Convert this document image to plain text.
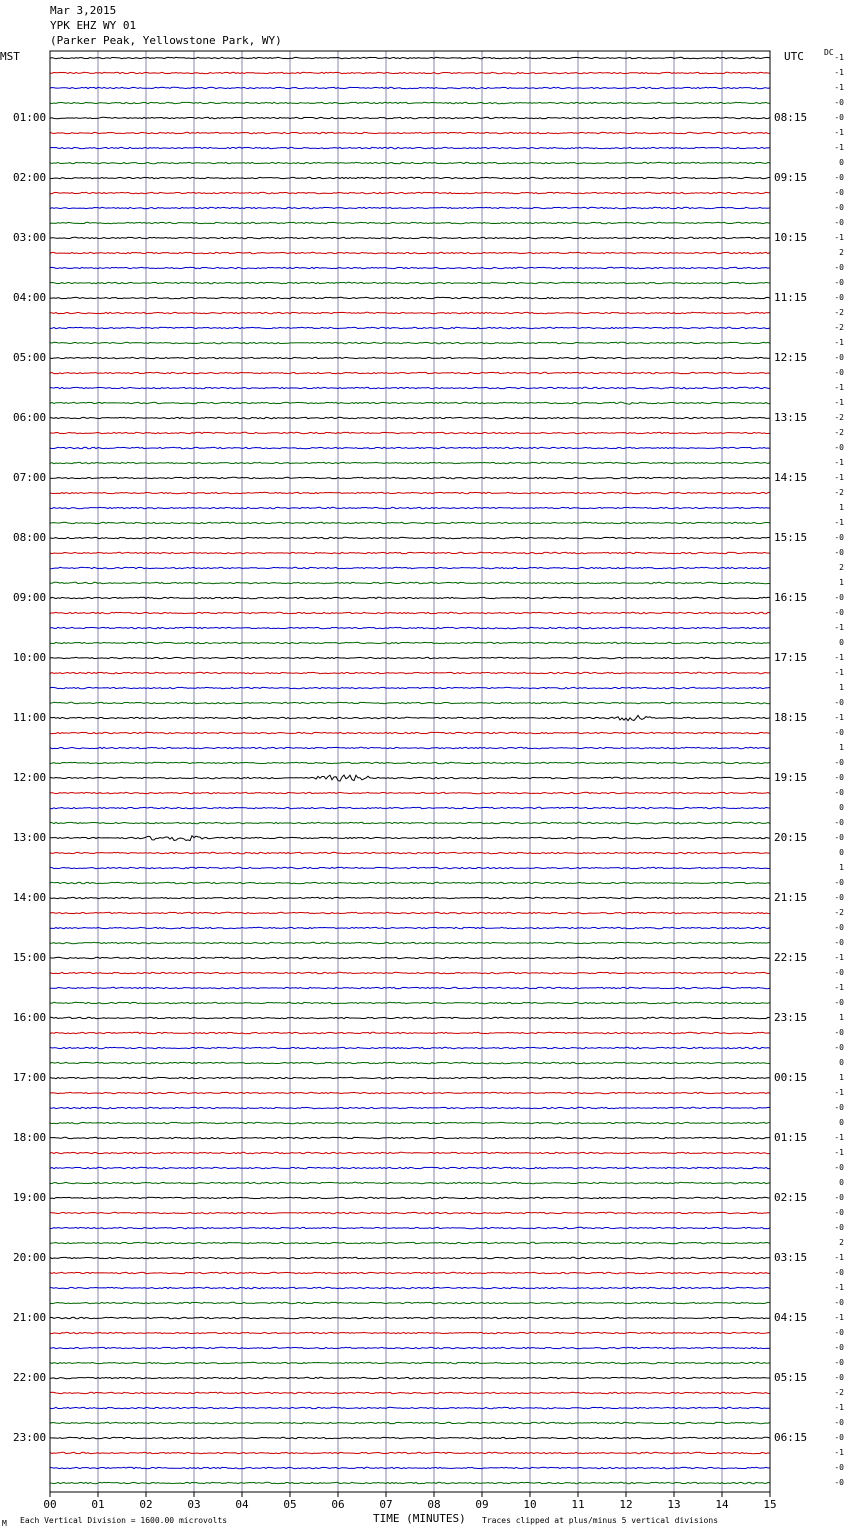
Mar 3,2015
YPK EHZ WY 01
(Parker Peak, Yellowstone Park, WY)
MST	UTC	DC
01:00
02:00
03:00
04:00
05:00
06:00
07:00
08:00
09:00
10:00
11:00
12:00
13:00
14:00
15:00
16:00
17:00
18:00
19:00
20:00
21:00
22:00
23:00
08:15
09:15
10:15
11:15
12:15
13:15
14:15
15:15
16:15
17:15
18:15
19:15
20:15
21:15
22:15
23:15
00:15
01:15
02:15
03:15
04:15
05:15
06:15
-1
-1
-1
-0
-0
-1
-1
0
-0
-0
-0
-0
-1
2
-0
-0
-0
-2
-2
-1
-0
-0
-1
-1
-2
-2
-0
-1
-1
-2
1
-1
-0
-0
2
1
-0
-0
-1
0
-1
-1
1
-0
-1
-0
1
-0
-0
-0
0
-0
-0
0
1
-0
-0
-2
-0
-0
-1
-0
-1
-0
1
-0
-0
0
1
-1
-0
0
-1
-1
-0
0
-0
-0
-0
2
-1
-0
-1
-0
-1
-0
-0
-0
-0
-2
-1
-0
-0
-1
-0
-0
00	01	02	03	04	05	06	07	08	09	10	11	12	13	14	15
TIME (MINUTES)
M Each Vertical Division = 1600.00 microvolts	Traces clipped at plus/minus 5 vertical divisions
